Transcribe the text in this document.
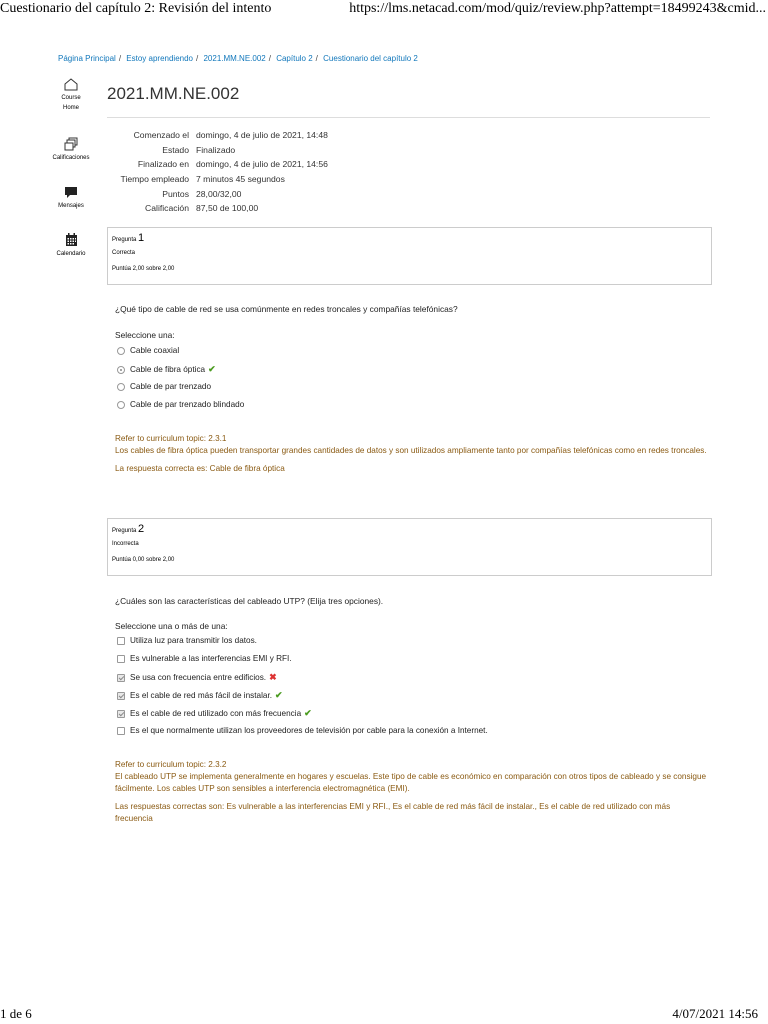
Cuestionario del capítulo 2: Revisión del intento	https://lms.netacad.com/mod/quiz/review.php?attempt=18499243&cmid...
Página Principal / Estoy aprendiendo / 2021.MM.NE.002 / Capítulo 2 / Cuestionario del capítulo 2
Course
Home
Calificaciones
Mensajes
Calendario
2021.MM.NE.002
Comenzado el domingo, 4 de julio de 2021, 14:48
Estado Finalizado
Finalizado en domingo, 4 de julio de 2021, 14:56
Tiempo empleado 7 minutos 45 segundos
Puntos 28,00/32,00
Calificación 87,50 de 100,00
Pregunta 1
Correcta
Puntúa 2,00 sobre 2,00
¿Qué tipo de cable de red se usa comúnmente en redes troncales y compañías telefónicas?
Seleccione una:
Cable coaxial
Cable de fibra óptica ✔
Cable de par trenzado
Cable de par trenzado blindado
Refer to curriculum topic: 2.3.1
Los cables de fibra óptica pueden transportar grandes cantidades de datos y son utilizados ampliamente tanto por compañías telefónicas como en redes troncales.
La respuesta correcta es: Cable de fibra óptica
Pregunta 2
Incorrecta
Puntúa 0,00 sobre 2,00
¿Cuáles son las características del cableado UTP? (Elija tres opciones).
Seleccione una o más de una:
Utiliza luz para transmitir los datos.
Es vulnerable a las interferencias EMI y RFI.
Se usa con frecuencia entre edificios. ✖
Es el cable de red más fácil de instalar. ✔
Es el cable de red utilizado con más frecuencia ✔
Es el que normalmente utilizan los proveedores de televisión por cable para la conexión a Internet.
Refer to curriculum topic: 2.3.2
El cableado UTP se implementa generalmente en hogares y escuelas. Este tipo de cable es económico en comparación con otros tipos de cableado y se consigue fácilmente. Los cables UTP son sensibles a interferencia electromagnética (EMI).
Las respuestas correctas son: Es vulnerable a las interferencias EMI y RFI., Es el cable de red más fácil de instalar., Es el cable de red utilizado con más frecuencia
1 de 6	4/07/2021 14:56
